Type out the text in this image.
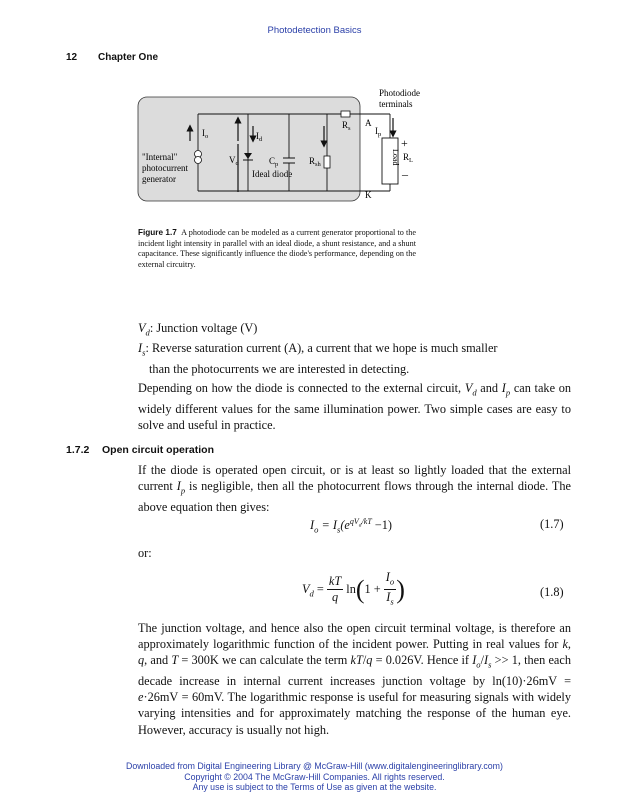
Photodetection Basics
12 Chapter One
$I_o$	$I_d$
$V_d$
Ideal diode
$C_p$	$R_{sh}$
$R_s$
A
K
Load
$I_p$
$R_L$
+
–
Photodiode terminals
"Internal" photocurrent generator
Figure 1.7 A photodiode can be modeled as a current generator proportional to the incident light intensity in parallel with an ideal diode, a shunt resistance, and a shunt capacitance. These significantly influence the diode's performance, depending on the external circuitry.
$V_d$: Junction voltage (V)
$I_s$: Reverse saturation current (A), a current that we hope is much smaller
than the photocurrents we are interested in detecting.
Depending on how the diode is connected to the external circuit, $V_d$ and $I_p$ can take on widely different values for the same illumination power. Two simple cases are easy to solve and useful in practice.
1.7.2 Open circuit operation
If the diode is operated open circuit, or is at least so lightly loaded that the external current $I_p$ is negligible, then all the photocurrent flows through the internal diode. The above equation then gives:
$I_o = I_s(e^{qV_d/kT} -1)$	(1.7)
or:
$V_d = \frac{kT}{q} \ln(1 + \frac{I_o}{I_s}$ )	(1.8)
The junction voltage, and hence also the open circuit terminal voltage, is therefore an approximately logarithmic function of the incident power. Putting in real values for k, q, and T = 300K we can calculate the term kT/q = 0.026V. Hence if $I_o/I_s >> 1$, then each decade increase in internal current increases junction voltage by ln(10)·26mV = e·26mV = 60mV. The logarithmic response is useful for measuring signals with widely varying intensities and for approximately matching the response of the human eye. However, accuracy is usually not high.
Downloaded from Digital Engineering Library @ McGraw-Hill (www.digitalengineeringlibrary.com)
Copyright © 2004 The McGraw-Hill Companies. All rights reserved.
Any use is subject to the Terms of Use as given at the website.
